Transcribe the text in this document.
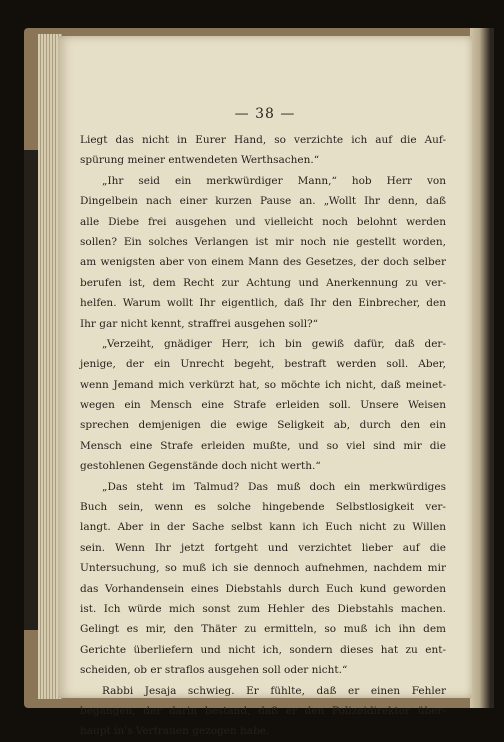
— 38 —
Liegt das nicht in Eurer Hand, so verzichte ich auf die Auf-
spürung meiner entwendeten Werthsachen.“
„Ihr seid ein merkwürdiger Mann,“ hob Herr von
Dingelbein nach einer kurzen Pause an. „Wollt Ihr denn, daß
alle Diebe frei ausgehen und vielleicht noch belohnt werden
sollen? Ein solches Verlangen ist mir noch nie gestellt worden,
am wenigsten aber von einem Mann des Gesetzes, der doch selber
berufen ist, dem Recht zur Achtung und Anerkennung zu ver-
helfen. Warum wollt Ihr eigentlich, daß Ihr den Einbrecher, den
Ihr gar nicht kennt, straffrei ausgehen soll?“
„Verzeiht, gnädiger Herr, ich bin gewiß dafür, daß der-
jenige, der ein Unrecht begeht, bestraft werden soll. Aber,
wenn Jemand mich verkürzt hat, so möchte ich nicht, daß meinet-
wegen ein Mensch eine Strafe erleiden soll. Unsere Weisen
sprechen demjenigen die ewige Seligkeit ab, durch den ein
Mensch eine Strafe erleiden mußte, und so viel sind mir die
gestohlenen Gegenstände doch nicht werth.“
„Das steht im Talmud? Das muß doch ein merkwürdiges
Buch sein, wenn es solche hingebende Selbstlosigkeit ver-
langt. Aber in der Sache selbst kann ich Euch nicht zu Willen
sein. Wenn Ihr jetzt fortgeht und verzichtet lieber auf die
Untersuchung, so muß ich sie dennoch aufnehmen, nachdem mir
das Vorhandensein eines Diebstahls durch Euch kund geworden
ist. Ich würde mich sonst zum Hehler des Diebstahls machen.
Gelingt es mir, den Thäter zu ermitteln, so muß ich ihn dem
Gerichte überliefern und nicht ich, sondern dieses hat zu ent-
scheiden, ob er straflos ausgehen soll oder nicht.“
Rabbi Jesaja schwieg. Er fühlte, daß er einen Fehler
begangen, der darin bestand, daß er den Polizeidirektor über-
haupt in's Vertrauen gezogen habe.
